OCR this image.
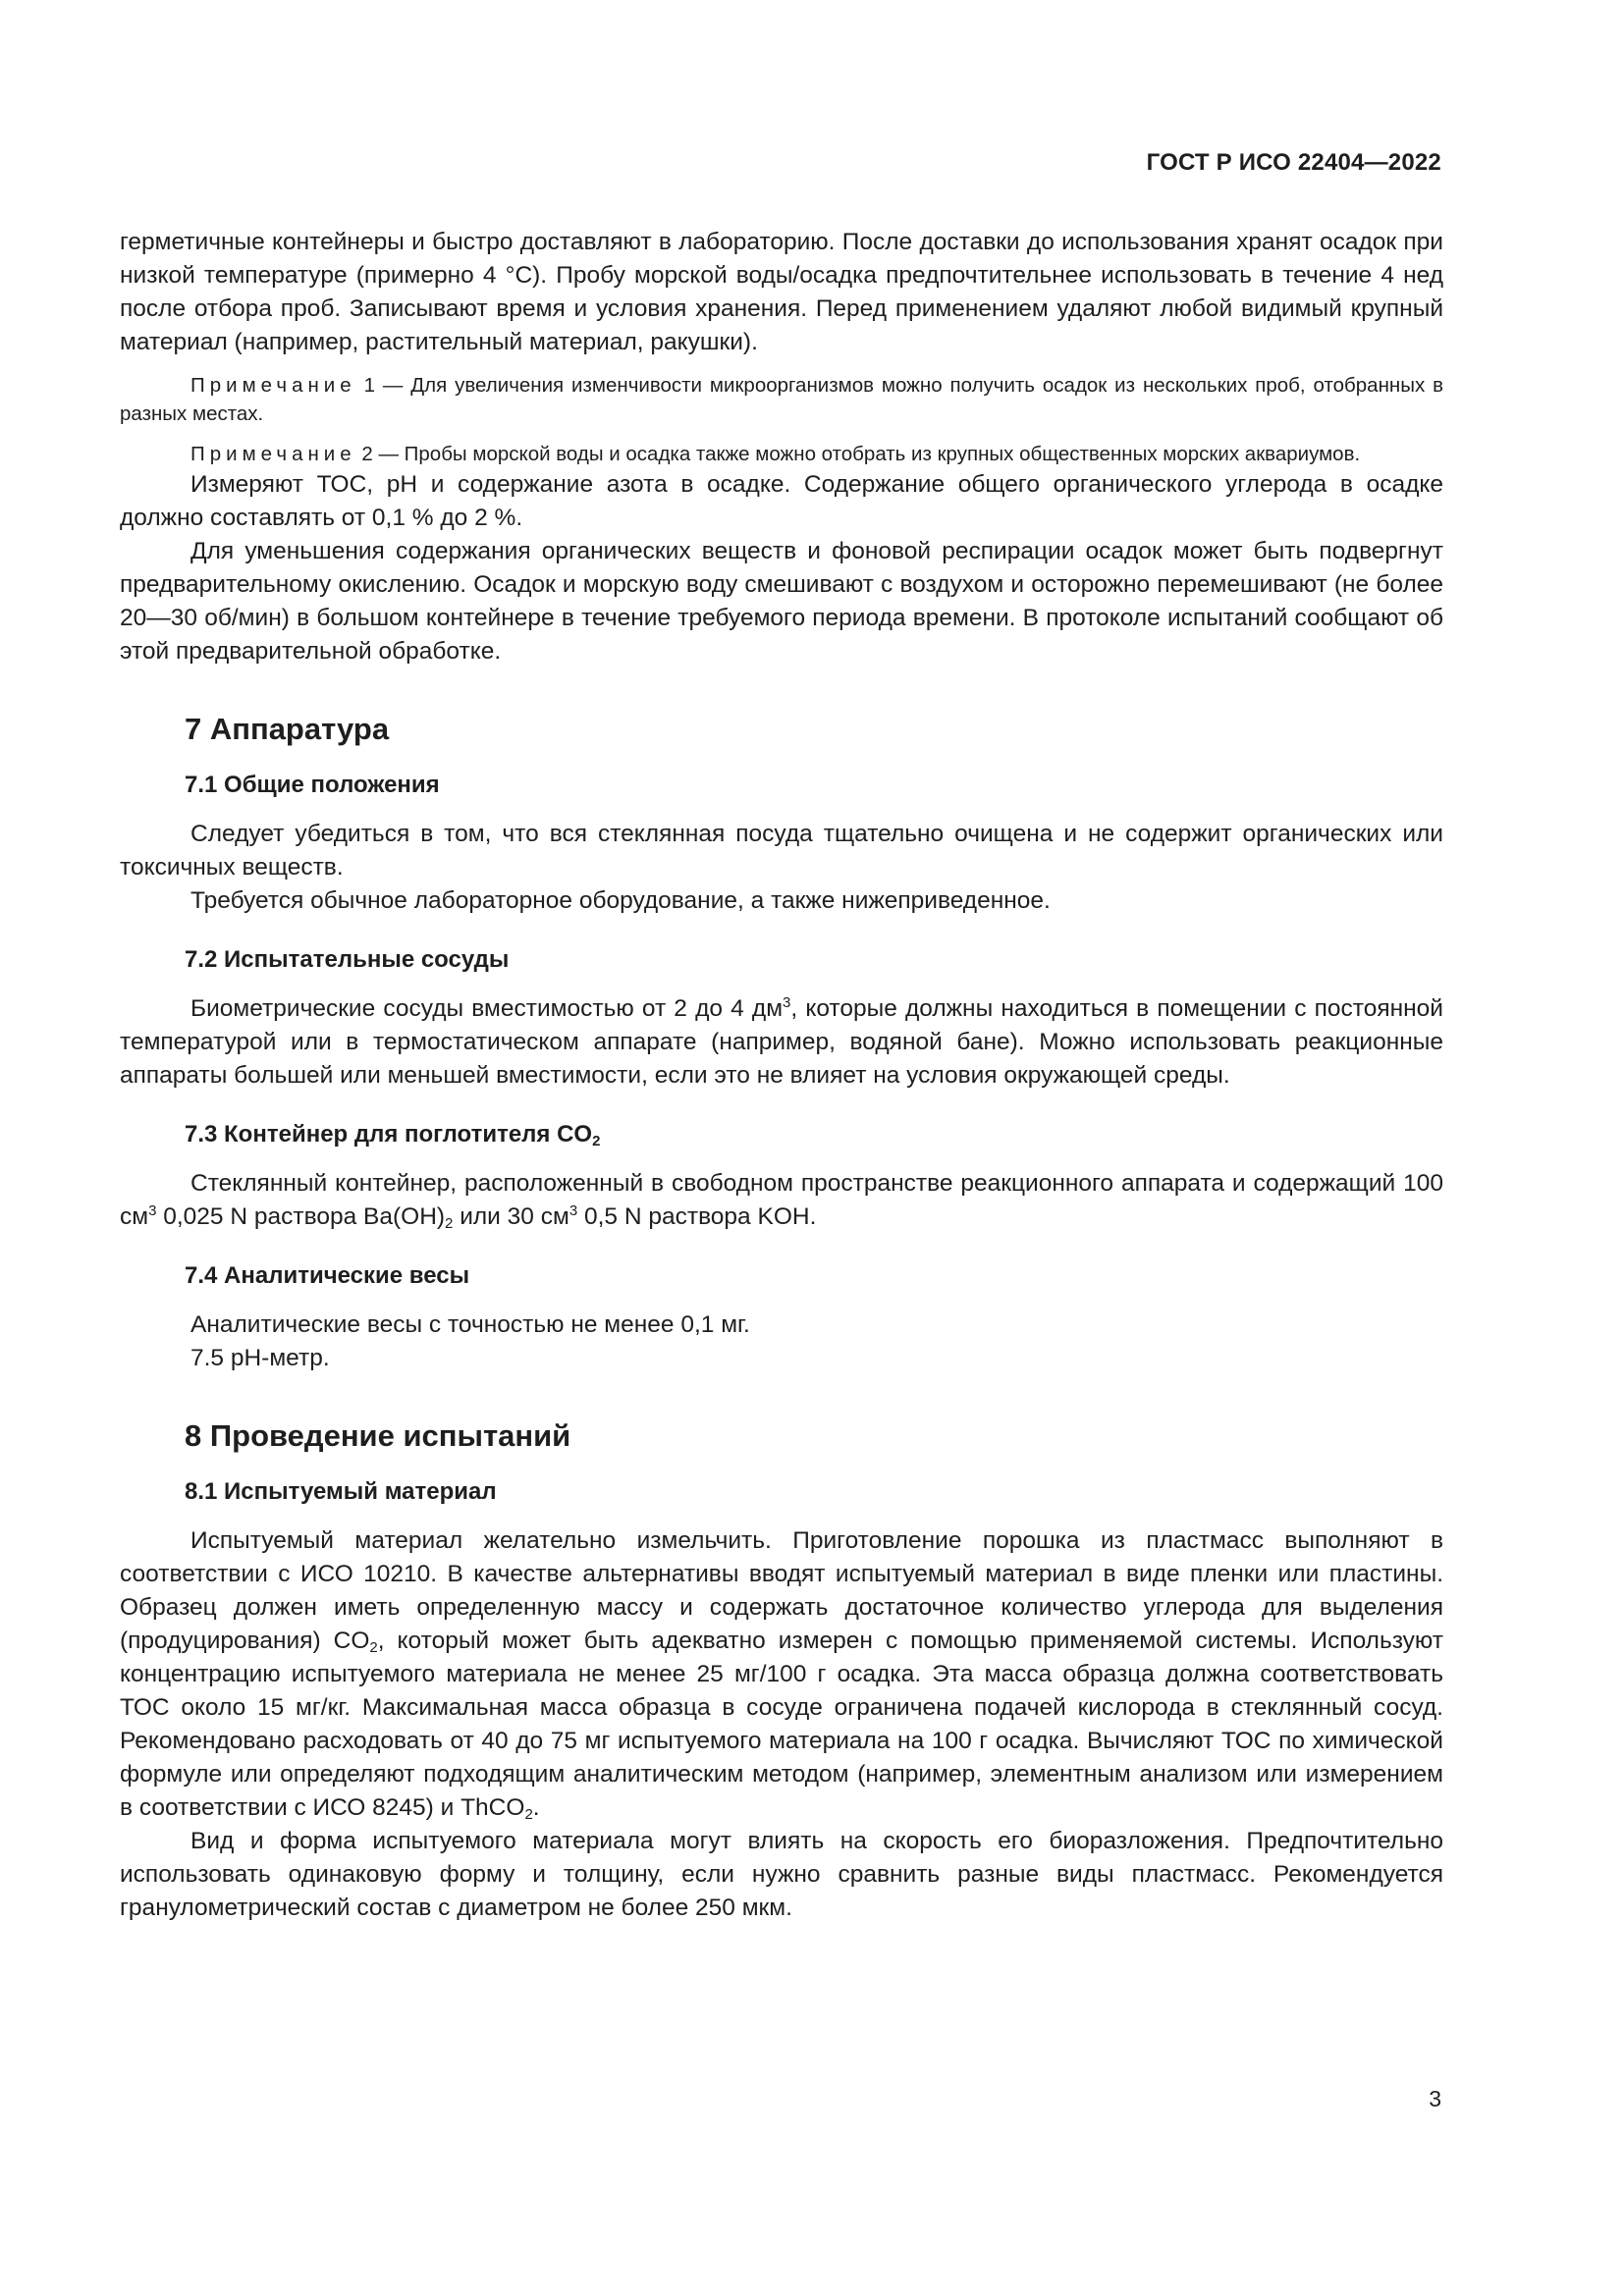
ГОСТ Р ИСО 22404—2022

герметичные контейнеры и быстро доставляют в лабораторию. После доставки до использования хранят осадок при низкой температуре (примерно 4 °С). Пробу морской воды/осадка предпочтительнее использовать в течение 4 нед после отбора проб. Записывают время и условия хранения. Перед применением удаляют любой видимый крупный материал (например, растительный материал, ракушки).

Примечание 1 — Для увеличения изменчивости микроорганизмов можно получить осадок из нескольких проб, отобранных в разных местах.

Примечание 2 — Пробы морской воды и осадка также можно отобрать из крупных общественных морских аквариумов.

Измеряют ТОС, pH и содержание азота в осадке. Содержание общего органического углерода в осадке должно составлять от 0,1 % до 2 %.

Для уменьшения содержания органических веществ и фоновой респирации осадок может быть подвергнут предварительному окислению. Осадок и морскую воду смешивают с воздухом и осторожно перемешивают (не более 20—30 об/мин) в большом контейнере в течение требуемого периода времени. В протоколе испытаний сообщают об этой предварительной обработке.

7 Аппаратура
7.1 Общие положения

Следует убедиться в том, что вся стеклянная посуда тщательно очищена и не содержит органических или токсичных веществ.

Требуется обычное лабораторное оборудование, а также нижеприведенное.

7.2 Испытательные сосуды

Биометрические сосуды вместимостью от 2 до 4 $дм^3$, которые должны находиться в помещении с постоянной температурой или в термостатическом аппарате (например, водяной бане). Можно использовать реакционные аппараты большей или меньшей вместимости, если это не влияет на условия окружающей среды.

7.3 Контейнер для поглотителя CO2

Стеклянный контейнер, расположенный в свободном пространстве реакционного аппарата и содержащий 100 $см^3$ 0,025 N раствора Ba(OH)2 или 30 $см^3$ 0,5 N раствора KOH.

7.4 Аналитические весы

Аналитические весы с точностью не менее 0,1 мг.

7.5 pH-метр.

8 Проведение испытаний
8.1 Испытуемый материал

Испытуемый материал желательно измельчить. Приготовление порошка из пластмасс выполняют в соответствии с ИСО 10210. В качестве альтернативы вводят испытуемый материал в виде пленки или пластины. Образец должен иметь определенную массу и содержать достаточное количество углерода для выделения (продуцирования) CO2, который может быть адекватно измерен с помощью применяемой системы. Используют концентрацию испытуемого материала не менее 25 мг/100 г осадка. Эта масса образца должна соответствовать ТОС около 15 мг/кг. Максимальная масса образца в сосуде ограничена подачей кислорода в стеклянный сосуд. Рекомендовано расходовать от 40 до 75 мг испытуемого материала на 100 г осадка. Вычисляют ТОС по химической формуле или определяют подходящим аналитическим методом (например, элементным анализом или измерением в соответствии с ИСО 8245) и ThCO2.

Вид и форма испытуемого материала могут влиять на скорость его биоразложения. Предпочтительно использовать одинаковую форму и толщину, если нужно сравнить разные виды пластмасс. Рекомендуется гранулометрический состав с диаметром не более 250 мкм.

3
